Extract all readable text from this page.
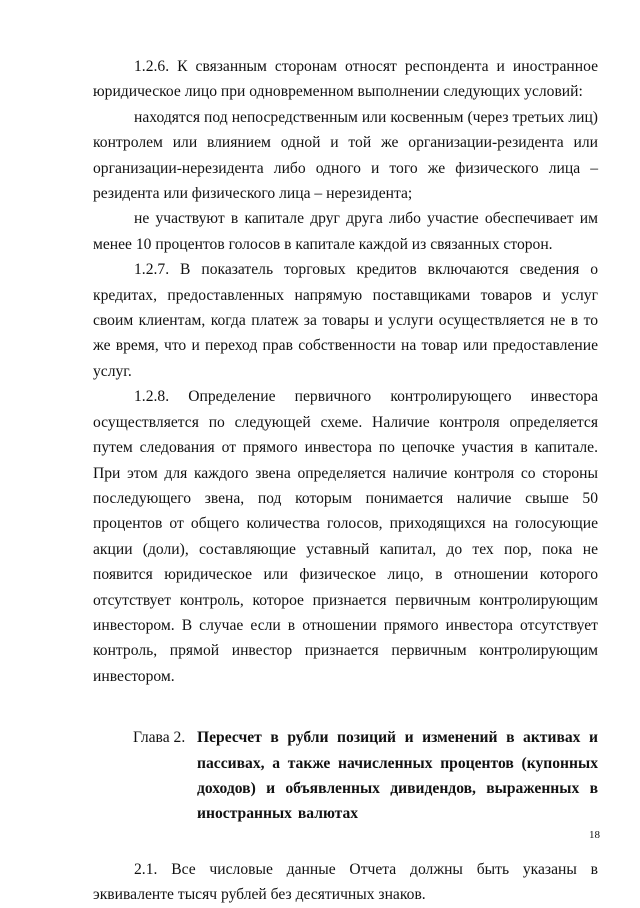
1.2.6. К связанным сторонам относят респондента и иностранное юридическое лицо при одновременном выполнении следующих условий:

находятся под непосредственным или косвенным (через третьих лиц) контролем или влиянием одной и той же организации-резидента или организации-нерезидента либо одного и того же физического лица – резидента или физического лица – нерезидента;

не участвуют в капитале друг друга либо участие обеспечивает им менее 10 процентов голосов в капитале каждой из связанных сторон.

1.2.7. В показатель торговых кредитов включаются сведения о кредитах, предоставленных напрямую поставщиками товаров и услуг своим клиентам, когда платеж за товары и услуги осуществляется не в то же время, что и переход прав собственности на товар или предоставление услуг.

1.2.8. Определение первичного контролирующего инвестора осуществляется по следующей схеме. Наличие контроля определяется путем следования от прямого инвестора по цепочке участия в капитале. При этом для каждого звена определяется наличие контроля со стороны последующего звена, под которым понимается наличие свыше 50 процентов от общего количества голосов, приходящихся на голосующие акции (доли), составляющие уставный капитал, до тех пор, пока не появится юридическое или физическое лицо, в отношении которого отсутствует контроль, которое признается первичным контролирующим инвестором. В случае если в отношении прямого инвестора отсутствует контроль, прямой инвестор признается первичным контролирующим инвестором.

Глава 2. Пересчет в рубли позиций и изменений в активах и пассивах, а также начисленных процентов (купонных доходов) и объявленных дивидендов, выраженных в иностранных валютах

2.1. Все числовые данные Отчета должны быть указаны в эквиваленте тысяч рублей без десятичных знаков.

18
